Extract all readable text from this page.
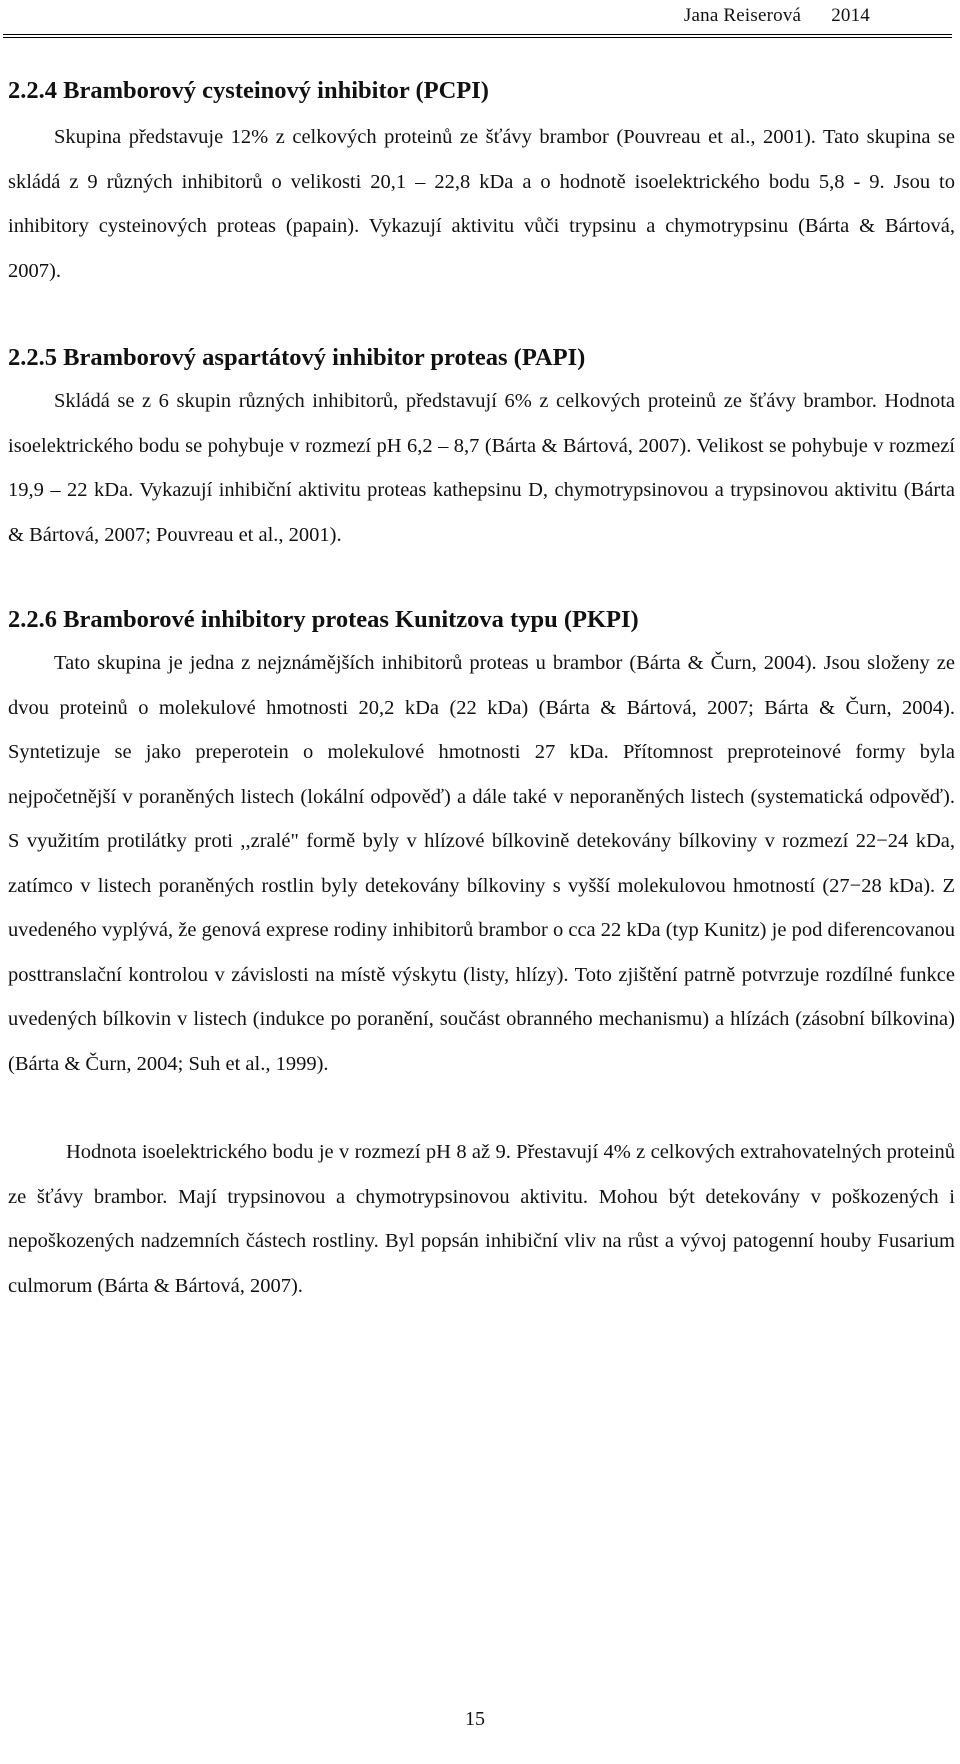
Jana Reiserová 2014
2.2.4 Bramborový cysteinový inhibitor (PCPI)

Skupina představuje 12% z celkových proteinů ze šťávy brambor (Pouvreau et al., 2001). Tato skupina se skládá z 9 různých inhibitorů o velikosti 20,1 – 22,8 kDa a o hodnotě isoelektrického bodu 5,8 - 9. Jsou to inhibitory cysteinových proteas (papain). Vykazují aktivitu vůči trypsinu a chymotrypsinu (Bárta & Bártová, 2007).

2.2.5 Bramborový aspartátový inhibitor proteas (PAPI)

Skládá se z 6 skupin různých inhibitorů, představují 6% z celkových proteinů ze šťávy brambor. Hodnota isoelektrického bodu se pohybuje v rozmezí pH 6,2 – 8,7 (Bárta & Bártová, 2007). Velikost se pohybuje v rozmezí 19,9 – 22 kDa. Vykazují inhibiční aktivitu proteas kathepsinu D, chymotrypsinovou a trypsinovou aktivitu (Bárta & Bártová, 2007; Pouvreau et al., 2001).

2.2.6 Bramborové inhibitory proteas Kunitzova typu (PKPI)

Tato skupina je jedna z nejznámějších inhibitorů proteas u brambor (Bárta & Čurn, 2004). Jsou složeny ze dvou proteinů o molekulové hmotnosti 20,2 kDa (22 kDa) (Bárta & Bártová, 2007; Bárta & Čurn, 2004). Syntetizuje se jako preperotein o molekulové hmotnosti 27 kDa. Přítomnost preproteinové formy byla nejpočetnější v poraněných listech (lokální odpověď) a dále také v neporaněných listech (systematická odpověď). S využitím protilátky proti ,,zralé" formě byly v hlízové bílkovině detekovány bílkoviny v rozmezí 22−24 kDa, zatímco v listech poraněných rostlin byly detekovány bílkoviny s vyšší molekulovou hmotností (27−28 kDa). Z uvedeného vyplývá, že genová exprese rodiny inhibitorů brambor o cca 22 kDa (typ Kunitz) je pod diferencovanou posttranslační kontrolou v závislosti na místě výskytu (listy, hlízy). Toto zjištění patrně potvrzuje rozdílné funkce uvedených bílkovin v listech (indukce po poranění, součást obranného mechanismu) a hlízách (zásobní bílkovina) (Bárta & Čurn, 2004; Suh et al., 1999).

Hodnota isoelektrického bodu je v rozmezí pH 8 až 9. Přestavují 4% z celkových extrahovatelných proteinů ze šťávy brambor. Mají trypsinovou a chymotrypsinovou aktivitu. Mohou být detekovány v poškozených i nepoškozených nadzemních částech rostliny. Byl popsán inhibiční vliv na růst a vývoj patogenní houby Fusarium culmorum (Bárta & Bártová, 2007).

15
